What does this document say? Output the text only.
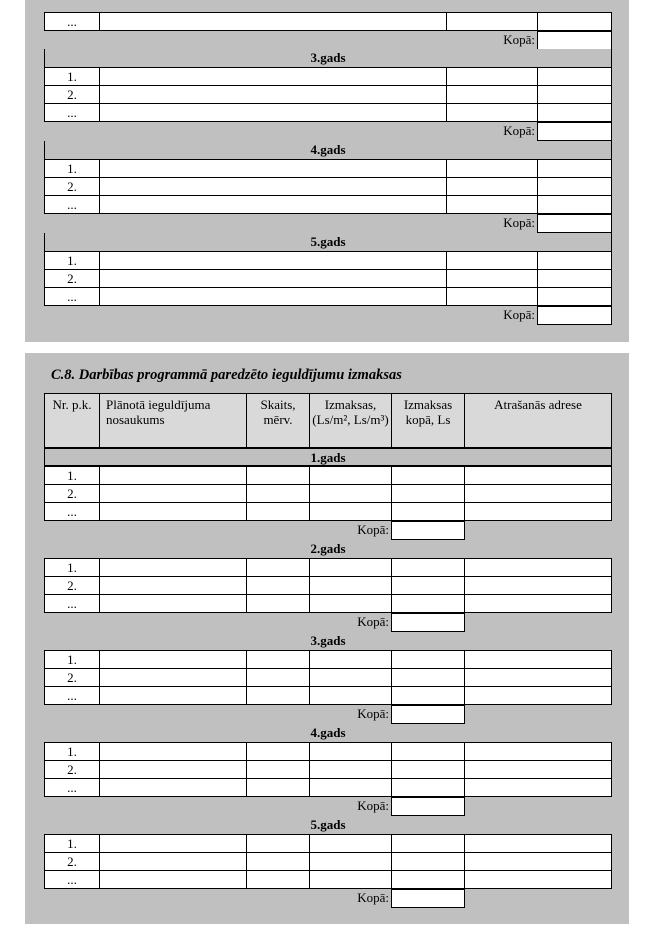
...
Kopā:
3.gads
1.
2.
...
Kopā:
4.gads
1.
2.
...
Kopā:
5.gads
1.
2.
...
Kopā:
C.8. Darbības programmā paredzēto ieguldījumu izmaksas
Nr. p.k.	Plānotā ieguldījuma nosaukums
Skaits, mērv.
Izmaksas, (Ls/m², Ls/m³)
Izmaksas kopā, Ls
Atrašanās adrese
1.gads
1.
2.
...
Kopā:
2.gads
1.
2.
...
Kopā:
3.gads
1.
2.
...
Kopā:
4.gads
1.
2.
...
Kopā:
5.gads
1.
2.
...
Kopā:
